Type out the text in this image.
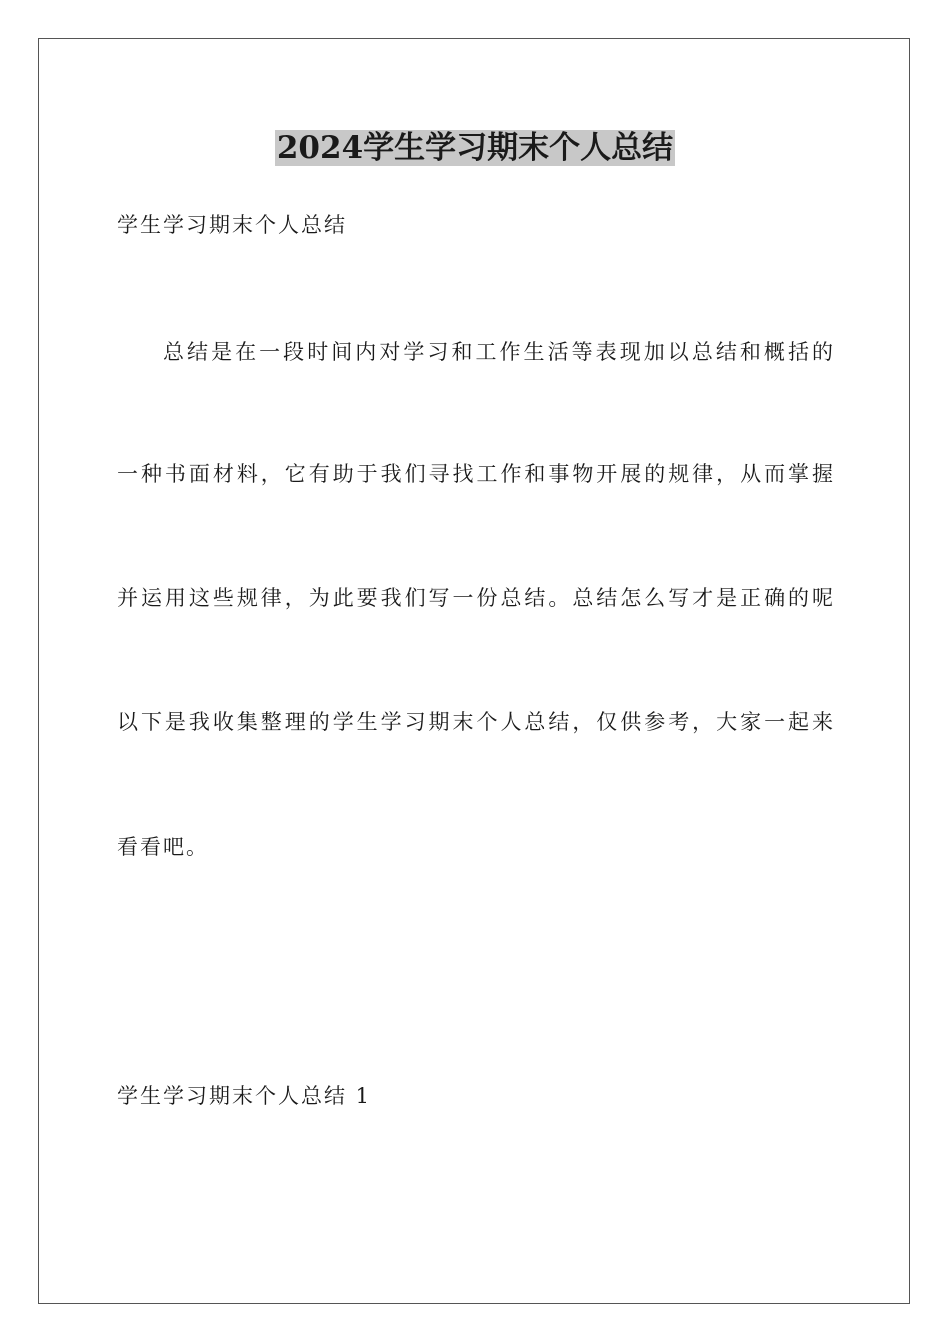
2024学生学习期末个人总结

学生学习期末个人总结

总结是在一段时间内对学习和工作生活等表现加以总结和概括的

一种书面材料，它有助于我们寻找工作和事物开展的规律，从而掌握

并运用这些规律，为此要我们写一份总结。总结怎么写才是正确的呢

以下是我收集整理的学生学习期末个人总结，仅供参考，大家一起来

看看吧。

学生学习期末个人总结 1
